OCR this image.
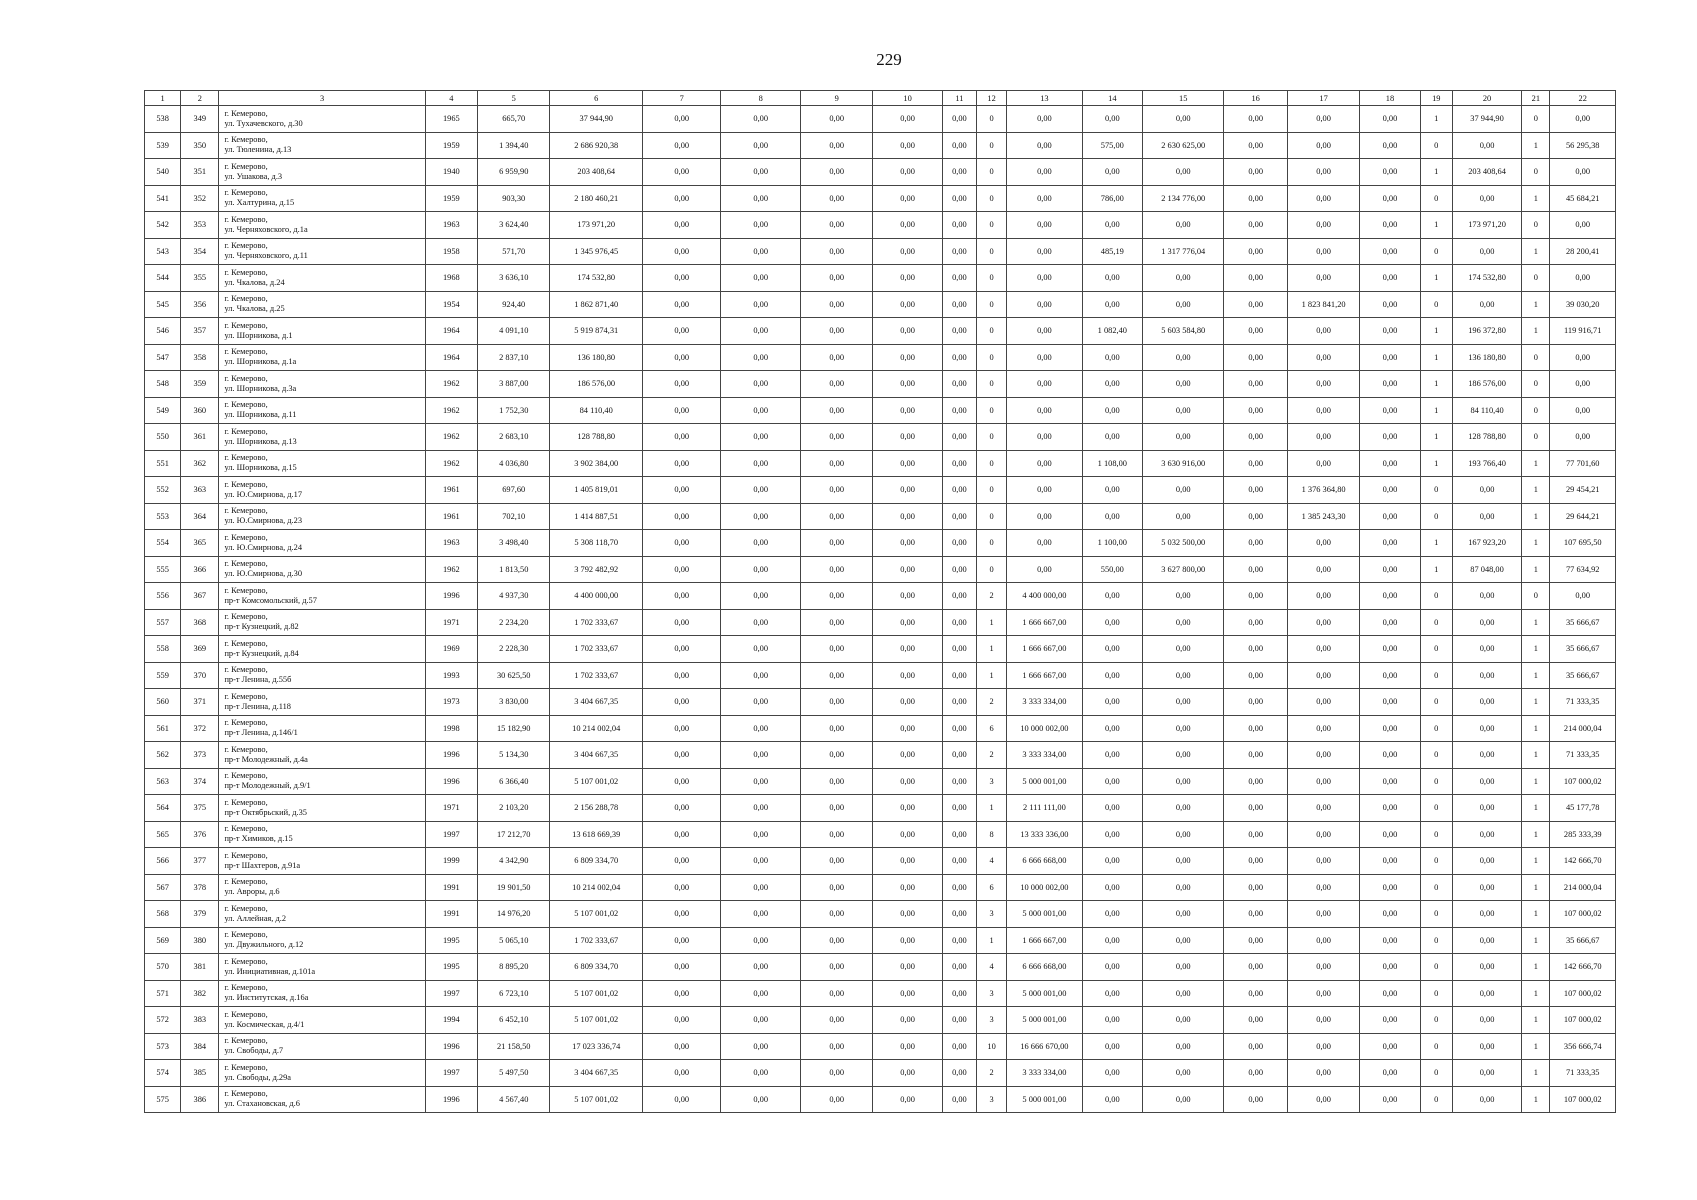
229
1	2	3	4	5	6	7	8	9	10	11	12	13	14	15	16	17	18	19	20	21	22
538	349	г. Кемерово,
ул. Тухачевского, д.30	1965	665,70	37 944,90	0,00	0,00	0,00	0,00	0,00	0	0,00	0,00	0,00	0,00	0,00	0,00	1	37 944,90	0	0,00
539	350	г. Кемерово,
ул. Тюленина, д.13	1959	1 394,40	2 686 920,38	0,00	0,00	0,00	0,00	0,00	0	0,00	575,00	2 630 625,00	0,00	0,00	0,00	0	0,00	1	56 295,38
540	351	г. Кемерово,
ул. Ушакова, д.3	1940	6 959,90	203 408,64	0,00	0,00	0,00	0,00	0,00	0	0,00	0,00	0,00	0,00	0,00	0,00	1	203 408,64	0	0,00
541	352	г. Кемерово,
ул. Халтурина, д.15	1959	903,30	2 180 460,21	0,00	0,00	0,00	0,00	0,00	0	0,00	786,00	2 134 776,00	0,00	0,00	0,00	0	0,00	1	45 684,21
542	353	г. Кемерово,
ул. Черняховского, д.1а	1963	3 624,40	173 971,20	0,00	0,00	0,00	0,00	0,00	0	0,00	0,00	0,00	0,00	0,00	0,00	1	173 971,20	0	0,00
543	354	г. Кемерово,
ул. Черняховского, д.11	1958	571,70	1 345 976,45	0,00	0,00	0,00	0,00	0,00	0	0,00	485,19	1 317 776,04	0,00	0,00	0,00	0	0,00	1	28 200,41
544	355	г. Кемерово,
ул. Чкалова, д.24	1968	3 636,10	174 532,80	0,00	0,00	0,00	0,00	0,00	0	0,00	0,00	0,00	0,00	0,00	0,00	1	174 532,80	0	0,00
545	356	г. Кемерово,
ул. Чкалова, д.25	1954	924,40	1 862 871,40	0,00	0,00	0,00	0,00	0,00	0	0,00	0,00	0,00	0,00	1 823 841,20	0,00	0	0,00	1	39 030,20
546	357	г. Кемерово,
ул. Шорникова, д.1	1964	4 091,10	5 919 874,31	0,00	0,00	0,00	0,00	0,00	0	0,00	1 082,40	5 603 584,80	0,00	0,00	0,00	1	196 372,80	1	119 916,71
547	358	г. Кемерово,
ул. Шорникова, д.1а	1964	2 837,10	136 180,80	0,00	0,00	0,00	0,00	0,00	0	0,00	0,00	0,00	0,00	0,00	0,00	1	136 180,80	0	0,00
548	359	г. Кемерово,
ул. Шорникова, д.3а	1962	3 887,00	186 576,00	0,00	0,00	0,00	0,00	0,00	0	0,00	0,00	0,00	0,00	0,00	0,00	1	186 576,00	0	0,00
549	360	г. Кемерово,
ул. Шорникова, д.11	1962	1 752,30	84 110,40	0,00	0,00	0,00	0,00	0,00	0	0,00	0,00	0,00	0,00	0,00	0,00	1	84 110,40	0	0,00
550	361	г. Кемерово,
ул. Шорникова, д.13	1962	2 683,10	128 788,80	0,00	0,00	0,00	0,00	0,00	0	0,00	0,00	0,00	0,00	0,00	0,00	1	128 788,80	0	0,00
551	362	г. Кемерово,
ул. Шорникова, д.15	1962	4 036,80	3 902 384,00	0,00	0,00	0,00	0,00	0,00	0	0,00	1 108,00	3 630 916,00	0,00	0,00	0,00	1	193 766,40	1	77 701,60
552	363	г. Кемерово,
ул. Ю.Смирнова, д.17	1961	697,60	1 405 819,01	0,00	0,00	0,00	0,00	0,00	0	0,00	0,00	0,00	0,00	1 376 364,80	0,00	0	0,00	1	29 454,21
553	364	г. Кемерово,
ул. Ю.Смирнова, д.23	1961	702,10	1 414 887,51	0,00	0,00	0,00	0,00	0,00	0	0,00	0,00	0,00	0,00	1 385 243,30	0,00	0	0,00	1	29 644,21
554	365	г. Кемерово,
ул. Ю.Смирнова, д.24	1963	3 498,40	5 308 118,70	0,00	0,00	0,00	0,00	0,00	0	0,00	1 100,00	5 032 500,00	0,00	0,00	0,00	1	167 923,20	1	107 695,50
555	366	г. Кемерово,
ул. Ю.Смирнова, д.30	1962	1 813,50	3 792 482,92	0,00	0,00	0,00	0,00	0,00	0	0,00	550,00	3 627 800,00	0,00	0,00	0,00	1	87 048,00	1	77 634,92
556	367	г. Кемерово,
пр-т Комсомольский, д.57	1996	4 937,30	4 400 000,00	0,00	0,00	0,00	0,00	0,00	2	4 400 000,00	0,00	0,00	0,00	0,00	0,00	0	0,00	0	0,00
557	368	г. Кемерово,
пр-т Кузнецкий, д.82	1971	2 234,20	1 702 333,67	0,00	0,00	0,00	0,00	0,00	1	1 666 667,00	0,00	0,00	0,00	0,00	0,00	0	0,00	1	35 666,67
558	369	г. Кемерово,
пр-т Кузнецкий, д.84	1969	2 228,30	1 702 333,67	0,00	0,00	0,00	0,00	0,00	1	1 666 667,00	0,00	0,00	0,00	0,00	0,00	0	0,00	1	35 666,67
559	370	г. Кемерово,
пр-т Ленина, д.55б	1993	30 625,50	1 702 333,67	0,00	0,00	0,00	0,00	0,00	1	1 666 667,00	0,00	0,00	0,00	0,00	0,00	0	0,00	1	35 666,67
560	371	г. Кемерово,
пр-т Ленина, д.118	1973	3 830,00	3 404 667,35	0,00	0,00	0,00	0,00	0,00	2	3 333 334,00	0,00	0,00	0,00	0,00	0,00	0	0,00	1	71 333,35
561	372	г. Кемерово,
пр-т Ленина, д.146/1	1998	15 182,90	10 214 002,04	0,00	0,00	0,00	0,00	0,00	6	10 000 002,00	0,00	0,00	0,00	0,00	0,00	0	0,00	1	214 000,04
562	373	г. Кемерово,
пр-т Молодежный, д.4а	1996	5 134,30	3 404 667,35	0,00	0,00	0,00	0,00	0,00	2	3 333 334,00	0,00	0,00	0,00	0,00	0,00	0	0,00	1	71 333,35
563	374	г. Кемерово,
пр-т Молодежный, д.9/1	1996	6 366,40	5 107 001,02	0,00	0,00	0,00	0,00	0,00	3	5 000 001,00	0,00	0,00	0,00	0,00	0,00	0	0,00	1	107 000,02
564	375	г. Кемерово,
пр-т Октябрьский, д.35	1971	2 103,20	2 156 288,78	0,00	0,00	0,00	0,00	0,00	1	2 111 111,00	0,00	0,00	0,00	0,00	0,00	0	0,00	1	45 177,78
565	376	г. Кемерово,
пр-т Химиков, д.15	1997	17 212,70	13 618 669,39	0,00	0,00	0,00	0,00	0,00	8	13 333 336,00	0,00	0,00	0,00	0,00	0,00	0	0,00	1	285 333,39
566	377	г. Кемерово,
пр-т Шахтеров, д.91а	1999	4 342,90	6 809 334,70	0,00	0,00	0,00	0,00	0,00	4	6 666 668,00	0,00	0,00	0,00	0,00	0,00	0	0,00	1	142 666,70
567	378	г. Кемерово,
ул. Авроры, д.6	1991	19 901,50	10 214 002,04	0,00	0,00	0,00	0,00	0,00	6	10 000 002,00	0,00	0,00	0,00	0,00	0,00	0	0,00	1	214 000,04
568	379	г. Кемерово,
ул. Аллейная, д.2	1991	14 976,20	5 107 001,02	0,00	0,00	0,00	0,00	0,00	3	5 000 001,00	0,00	0,00	0,00	0,00	0,00	0	0,00	1	107 000,02
569	380	г. Кемерово,
ул. Двужильного, д.12	1995	5 065,10	1 702 333,67	0,00	0,00	0,00	0,00	0,00	1	1 666 667,00	0,00	0,00	0,00	0,00	0,00	0	0,00	1	35 666,67
570	381	г. Кемерово,
ул. Инициативная, д.101а	1995	8 895,20	6 809 334,70	0,00	0,00	0,00	0,00	0,00	4	6 666 668,00	0,00	0,00	0,00	0,00	0,00	0	0,00	1	142 666,70
571	382	г. Кемерово,
ул. Институтская, д.16а	1997	6 723,10	5 107 001,02	0,00	0,00	0,00	0,00	0,00	3	5 000 001,00	0,00	0,00	0,00	0,00	0,00	0	0,00	1	107 000,02
572	383	г. Кемерово,
ул. Космическая, д.4/1	1994	6 452,10	5 107 001,02	0,00	0,00	0,00	0,00	0,00	3	5 000 001,00	0,00	0,00	0,00	0,00	0,00	0	0,00	1	107 000,02
573	384	г. Кемерово,
ул. Свободы, д.7	1996	21 158,50	17 023 336,74	0,00	0,00	0,00	0,00	0,00	10	16 666 670,00	0,00	0,00	0,00	0,00	0,00	0	0,00	1	356 666,74
574	385	г. Кемерово,
ул. Свободы, д.29а	1997	5 497,50	3 404 667,35	0,00	0,00	0,00	0,00	0,00	2	3 333 334,00	0,00	0,00	0,00	0,00	0,00	0	0,00	1	71 333,35
575	386	г. Кемерово,
ул. Стахановская, д.6	1996	4 567,40	5 107 001,02	0,00	0,00	0,00	0,00	0,00	3	5 000 001,00	0,00	0,00	0,00	0,00	0,00	0	0,00	1	107 000,02
